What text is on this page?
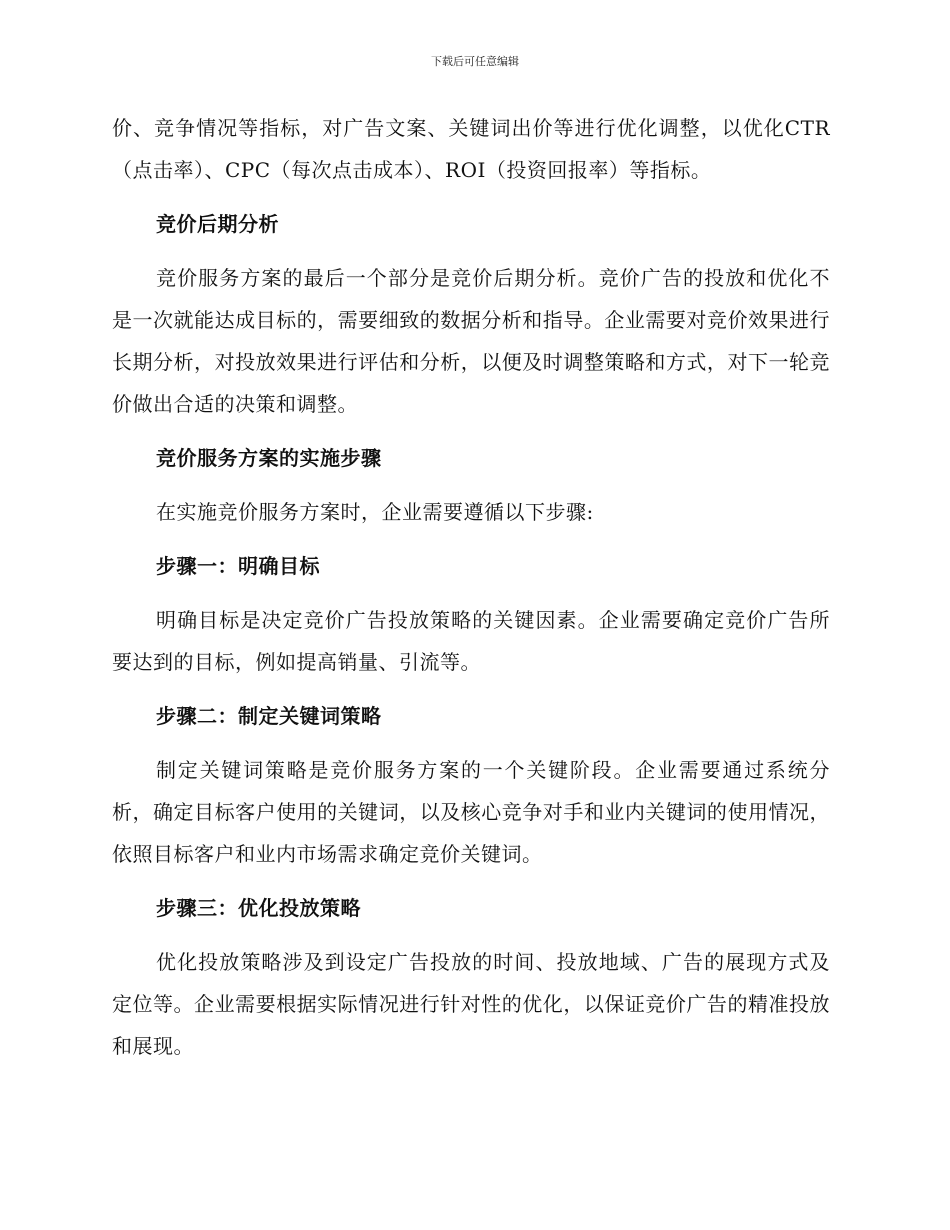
下载后可任意编辑

价、竞争情况等指标，对广告文案、关键词出价等进行优化调整，以优化CTR（点击率）、CPC（每次点击成本）、ROI（投资回报率）等指标。

竞价后期分析

竞价服务方案的最后一个部分是竞价后期分析。竞价广告的投放和优化不是一次就能达成目标的，需要细致的数据分析和指导。企业需要对竞价效果进行长期分析，对投放效果进行评估和分析，以便及时调整策略和方式，对下一轮竞价做出合适的决策和调整。

竞价服务方案的实施步骤

在实施竞价服务方案时，企业需要遵循以下步骤:

步骤一：明确目标

明确目标是决定竞价广告投放策略的关键因素。企业需要确定竞价广告所要达到的目标，例如提高销量、引流等。

步骤二：制定关键词策略

制定关键词策略是竞价服务方案的一个关键阶段。企业需要通过系统分析，确定目标客户使用的关键词，以及核心竞争对手和业内关键词的使用情况，依照目标客户和业内市场需求确定竞价关键词。

步骤三：优化投放策略

优化投放策略涉及到设定广告投放的时间、投放地域、广告的展现方式及定位等。企业需要根据实际情况进行针对性的优化，以保证竞价广告的精准投放和展现。
